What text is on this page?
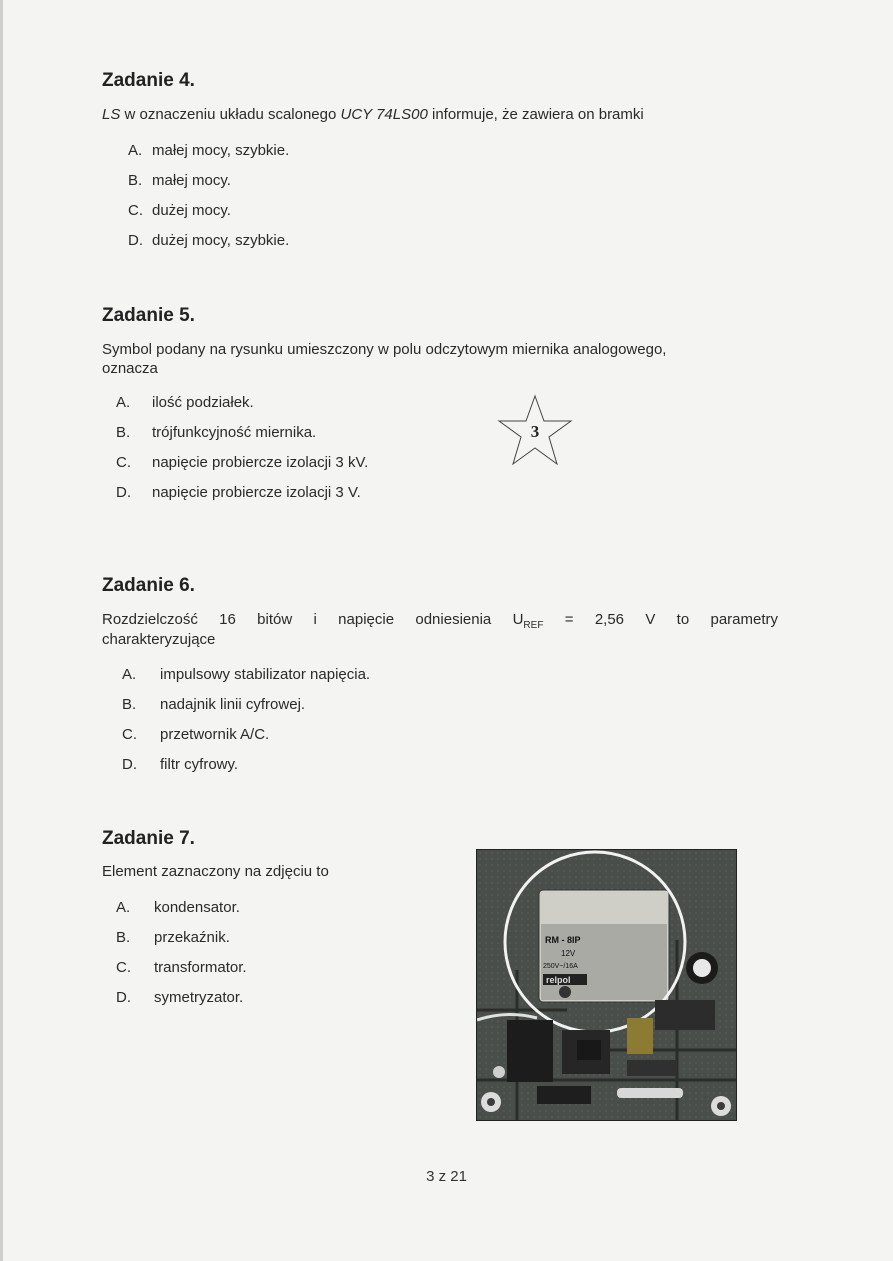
Zadanie 4.
LS w oznaczeniu układu scalonego UCY 74LS00 informuje, że zawiera on bramki
A. małej mocy, szybkie.
B. małej mocy.
C. dużej mocy.
D. dużej mocy, szybkie.
Zadanie 5.
Symbol podany na rysunku umieszczony w polu odczytowym miernika analogowego,
oznacza
A. ilość podziałek.
B. trójfunkcyjność miernika.
C. napięcie probiercze izolacji 3 kV.
D. napięcie probiercze izolacji 3 V.
3
Zadanie 6.
Rozdzielczość 16 bitów i napięcie odniesienia $U_{REF} = 2,56$ V to parametry
charakteryzujące
A. impulsowy stabilizator napięcia.
B. nadajnik linii cyfrowej.
C. przetwornik A/C.
D. filtr cyfrowy.
Zadanie 7.
Element zaznaczony na zdjęciu to
A. kondensator.
B. przekaźnik.
C. transformator.
D. symetryzator.
RM - 8IP
12V
250V~/16A
relpol
3 z 21
